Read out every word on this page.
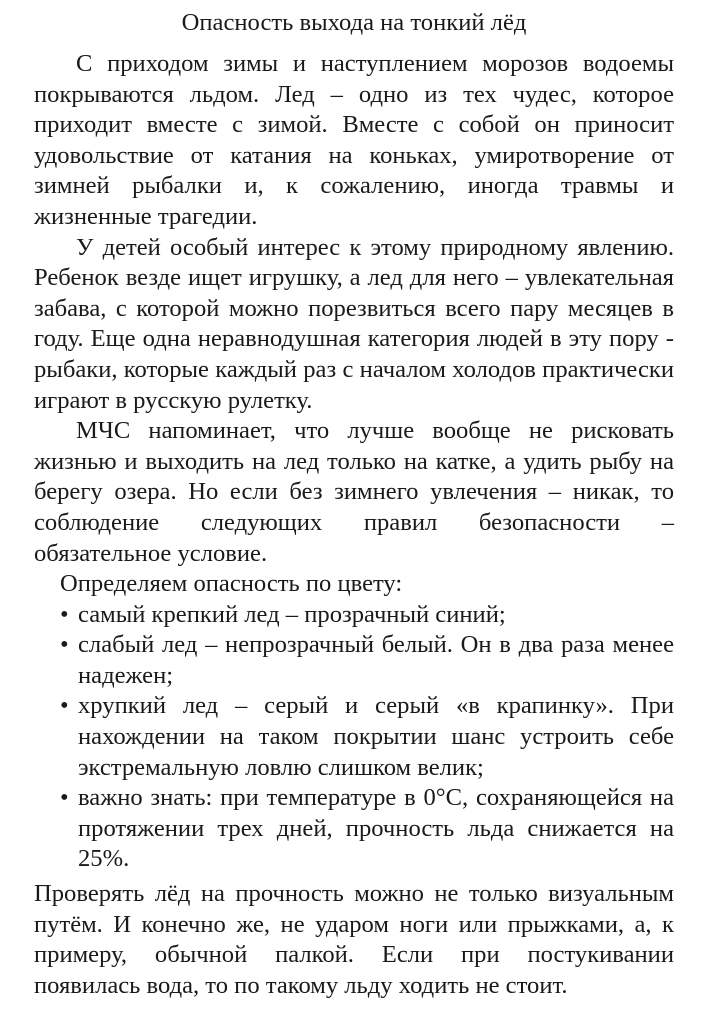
Опасность выхода на тонкий лёд

С приходом зимы и наступлением морозов водоемы покрываются льдом. Лед – одно из тех чудес, которое приходит вместе с зимой. Вместе с собой он приносит удовольствие от катания на коньках, умиротворение от зимней рыбалки и, к сожалению, иногда травмы и жизненные трагедии.

У детей особый интерес к этому природному явлению. Ребенок везде ищет игрушку, а лед для него – увлекательная забава, с которой можно порезвиться всего пару месяцев в году. Еще одна неравнодушная категория людей в эту пору - рыбаки, которые каждый раз с началом холодов практически играют в русскую рулетку.

МЧС напоминает, что лучше вообще не рисковать жизнью и выходить на лед только на катке, а удить рыбу на берегу озера. Но если без зимнего увлечения – никак, то соблюдение следующих правил безопасности – обязательное условие.

Определяем опасность по цвету:

• самый крепкий лед – прозрачный синий;
• слабый лед – непрозрачный белый. Он в два раза менее надежен;
• хрупкий лед – серый и серый «в крапинку». При нахождении на таком покрытии шанс устроить себе экстремальную ловлю слишком велик;
• важно знать: при температуре в 0°С, сохраняющейся на протяжении трех дней, прочность льда снижается на 25%.

Проверять лёд на прочность можно не только визуальным путём. И конечно же, не ударом ноги или прыжками, а, к примеру, обычной палкой. Если при постукивании появилась вода, то по такому льду ходить не стоит.
